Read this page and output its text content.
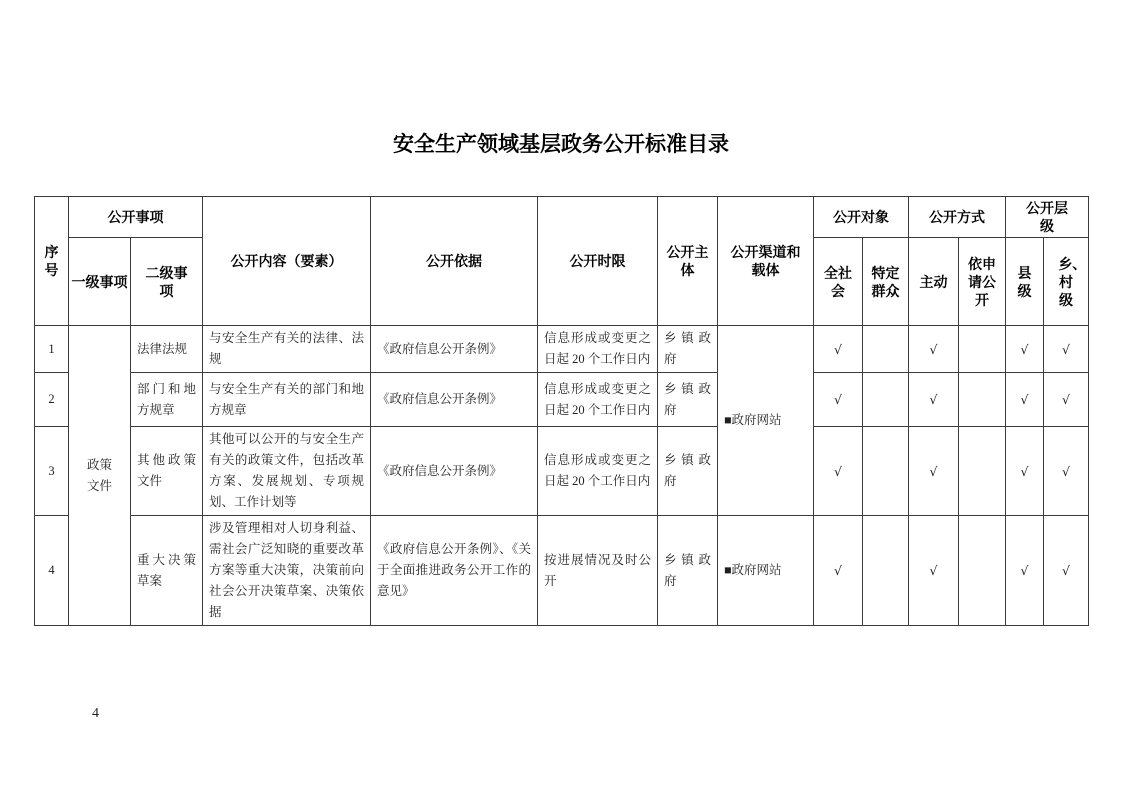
安全生产领域基层政务公开标准目录
序号	公开事项		公开内容（要素）	公开依据	公开时限	公开主体	公开渠道和载体	公开对象		公开方式		公开层级	
	一级事项	二级事项						全社会	特定群众	主动	依申请公开	县级	乡、村级
1	政策文件	法律法规	与安全生产有关的法律、法规	《政府信息公开条例》	信息形成或变更之日起 20 个工作日内	乡镇政府	■政府网站	√		√		√	√
2		部门和地方规章	与安全生产有关的部门和地方规章	《政府信息公开条例》	信息形成或变更之日起 20 个工作日内	乡镇政府		√		√		√	√
3		其他政策文件	其他可以公开的与安全生产有关的政策文件，包括改革方案、发展规划、专项规划、工作计划等	《政府信息公开条例》	信息形成或变更之日起 20 个工作日内	乡镇政府		√		√		√	√
4		重大决策草案	涉及管理相对人切身利益、需社会广泛知晓的重要改革方案等重大决策，决策前向社会公开决策草案、决策依据	《政府信息公开条例》、《关于全面推进政务公开工作的意见》	按进展情况及时公开	乡镇政府	■政府网站	√		√		√	√
4
